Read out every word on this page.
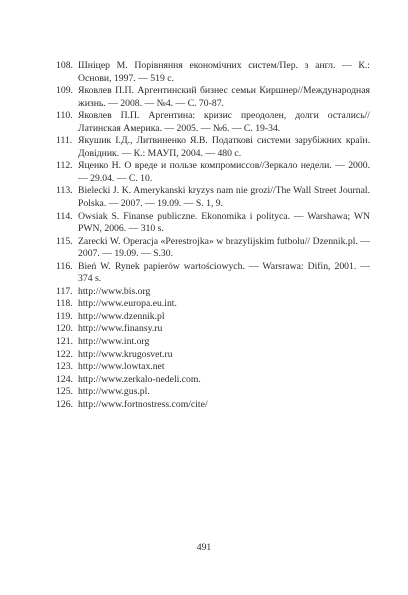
108. Шніцер М. Порівняння економічних систем/Пер. з англ. — К.: Основи, 1997. — 519 с.
109. Яковлев П.П. Аргентинский бизнес семьи Киршнер//Международная жизнь. — 2008. — №4. — С. 70-87.
110. Яковлев П.П. Аргентина: кризис преодолен, долги остались// Латинская Америка. — 2005. — №6. — С. 19-34.
111. Якушик І.Д., Литвиненко Я.В. Податкові системи зарубіжних країн. Довідник. — К.: МАУП, 2004. — 480 с.
112. Яценко Н. О вреде и пользе компромиссов//Зеркало недели. — 2000. — 29.04. — С. 10.
113. Bielecki J. K. Amerykanski kryzys nam nie grozi//The Wall Street Journal. Polska. — 2007. — 19.09. — S. 1, 9.
114. Owsiak S. Finanse publiczne. Ekonomika i polityca. — Warshawa; WN PWN, 2006. — 310 s.
115. Zarecki W. Operacja «Perestrojka» w brazylijskim futbolu// Dzennik.pl. — 2007. — 19.09. — S.30.
116. Bień W. Rynek papierów wartościowych. — Warsrawa: Difin, 2001. — 374 s.
117. http://www.bis.org
118. http://www.europa.eu.int.
119. http://www.dzennik.pl
120. http://www.finansy.ru
121. http://www.int.org
122. http://www.krugosvet.ru
123. http://www.lowtax.net
124. http://www.zerkalo-nedeli.com.
125. http://www.gus.pl.
126. http://www.fortnostress.com/cite/
491
